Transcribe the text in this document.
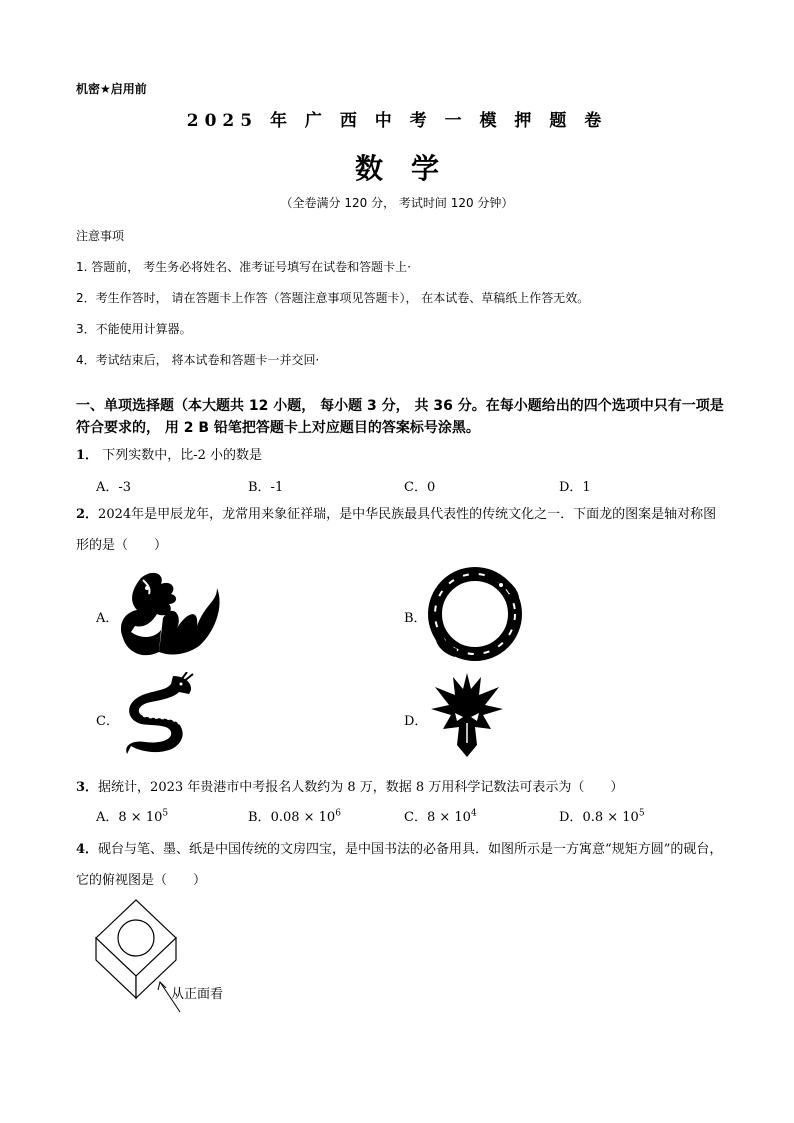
机密★启用前
2025 年 广 西 中 考 一 模 押 题 卷
数学
（全卷满分 120 分， 考试时间 120 分钟）
注意事项
1. 答题前， 考生务必将姓名、准考证号填写在试卷和答题卡上·
2．考生作答时， 请在答题卡上作答（答题注意事项见答题卡）， 在本试卷、草稿纸上作答无效。
3．不能使用计算器。
4．考试结束后， 将本试卷和答题卡一并交回·
一、单项选择题（本大题共 12 小题， 每小题 3 分， 共 36 分。在每小题给出的四个选项中只有一项是符合要求的， 用 2 B 铅笔把答题卡上对应题目的答案标号涂黑。
1． 下列实数中，比-2 小的数是
A．-3	B．-1	C．0	D．1
2．2024年是甲辰龙年，龙常用来象征祥瑞，是中华民族最具代表性的传统文化之一．下面龙的图案是轴对称图形的是（　　）
A．	B．
C．	D．
3．据统计，2023 年贵港市中考报名人数约为 8 万，数据 8 万用科学记数法可表示为（　　）
A．$8 \times 10^5$	B．$0.08 \times 10^6$	C．$8 \times 10^4$	D．$0.8 \times 10^5$
4．砚台与笔、墨、纸是中国传统的文房四宝，是中国书法的必备用具．如图所示是一方寓意“规矩方圆”的砚台，它的俯视图是（　　）
从正面看
